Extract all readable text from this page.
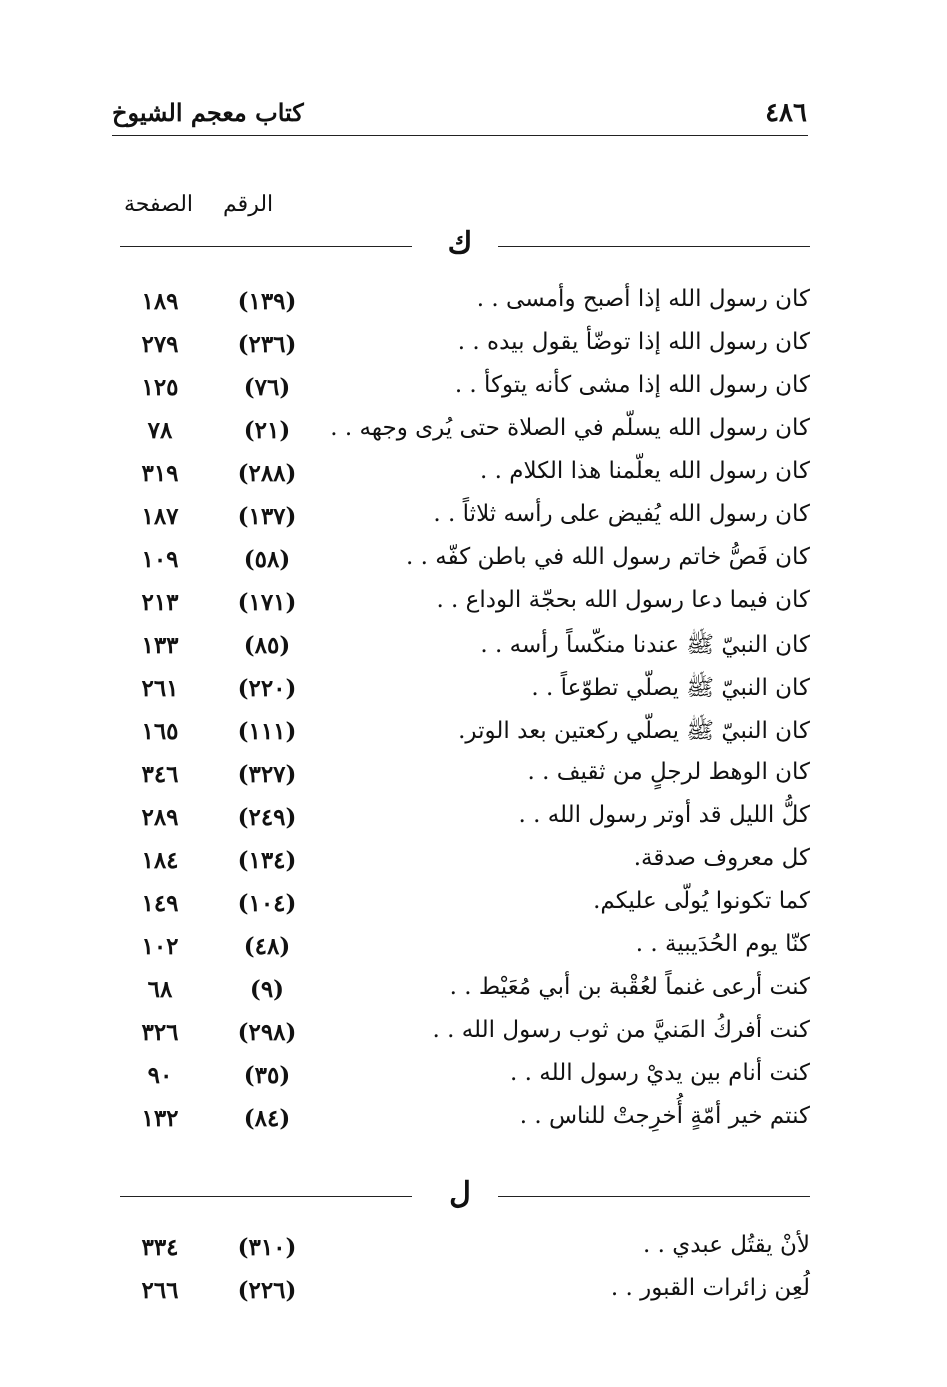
٤٨٦
كتاب معجم الشيوخ
الرقم
الصفحة
ك
كان رسول الله إذا أصبح وأمسى . .
(١٣٩)
١٨٩
كان رسول الله إذا توضّأ يقول بيده . .
(٢٣٦)
٢٧٩
كان رسول الله إذا مشى كأنه يتوكأ . .
(٧٦)
١٢٥
كان رسول الله يسلّم في الصلاة حتى يُرى وجهه . .
(٢١)
٧٨
كان رسول الله يعلّمنا هذا الكلام . .
(٢٨٨)
٣١٩
كان رسول الله يُفيض على رأسه ثلاثاً . .
(١٣٧)
١٨٧
كان فَصُّ خاتم رسول الله في باطن كفّه . .
(٥٨)
١٠٩
كان فيما دعا رسول الله بحجّة الوداع . .
(١٧١)
٢١٣
كان النبيّ ﷺ عندنا منكّساً رأسه . .
(٨٥)
١٣٣
كان النبيّ ﷺ يصلّي تطوّعاً . .
(٢٢٠)
٢٦١
كان النبيّ ﷺ يصلّي ركعتين بعد الوتر.
(١١١)
١٦٥
كان الوهط لرجلٍ من ثقيف . .
(٣٢٧)
٣٤٦
كلُّ الليل قد أوتر رسول الله . .
(٢٤٩)
٢٨٩
كل معروف صدقة.
(١٣٤)
١٨٤
كما تكونوا يُولّى عليكم.
(١٠٤)
١٤٩
كنّا يوم الحُدَيبية . .
(٤٨)
١٠٢
كنت أرعى غنماً لعُقْبة بن أبي مُعَيْط . .
(٩)
٦٨
كنت أفركُ المَنيَّ من ثوب رسول الله . .
(٢٩٨)
٣٢٦
كنت أنام بين يديْ رسول الله . .
(٣٥)
٩٠
كنتم خير أمّةٍ أُخرِجتْ للناس . .
(٨٤)
١٣٢
ل
لأنْ يقتُل عبدي . .
(٣١٠)
٣٣٤
لُعِن زائرات القبور . .
(٢٢٦)
٢٦٦
